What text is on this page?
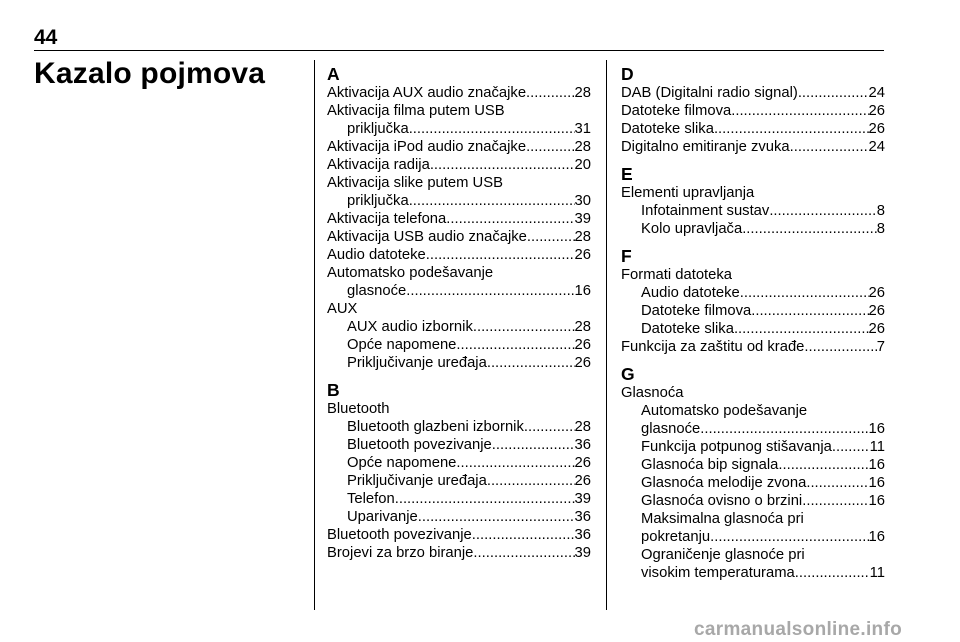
44
Kazalo pojmova	A
Aktivacija AUX audio značajke .....	28
Aktivacija filma putem USB
priključka .....	31
Aktivacija iPod audio značajke .....	28
Aktivacija radija .....	20
Aktivacija slike putem USB
priključka .....	30
Aktivacija telefona .....	39
Aktivacija USB audio značajke .....	28
Audio datoteke .....	26
Automatsko podešavanje
glasnoće .....	16
AUX
AUX audio izbornik .....	28
Opće napomene .....	26
Priključivanje uređaja .....	26
B
Bluetooth
Bluetooth glazbeni izbornik .....	28
Bluetooth povezivanje .....	36
Opće napomene .....	26
Priključivanje uređaja .....	26
Telefon .....	39
Uparivanje .....	36
Bluetooth povezivanje .....	36
Brojevi za brzo biranje .....	39
D
DAB (Digitalni radio signal) .....	24
Datoteke filmova .....	26
Datoteke slika .....	26
Digitalno emitiranje zvuka .....	24
E
Elementi upravljanja
Infotainment sustav .....	8
Kolo upravljača .....	8
F
Formati datoteka
Audio datoteke .....	26
Datoteke filmova .....	26
Datoteke slika .....	26
Funkcija za zaštitu od krađe .....	7
G
Glasnoća
Automatsko podešavanje
glasnoće .....	16
Funkcija potpunog stišavanja .....	11
Glasnoća bip signala .....	16
Glasnoća melodije zvona .....	16
Glasnoća ovisno o brzini .....	16
Maksimalna glasnoća pri
pokretanju .....	16
Ograničenje glasnoće pri
visokim temperaturama .....	11
carmanualsonline.info
